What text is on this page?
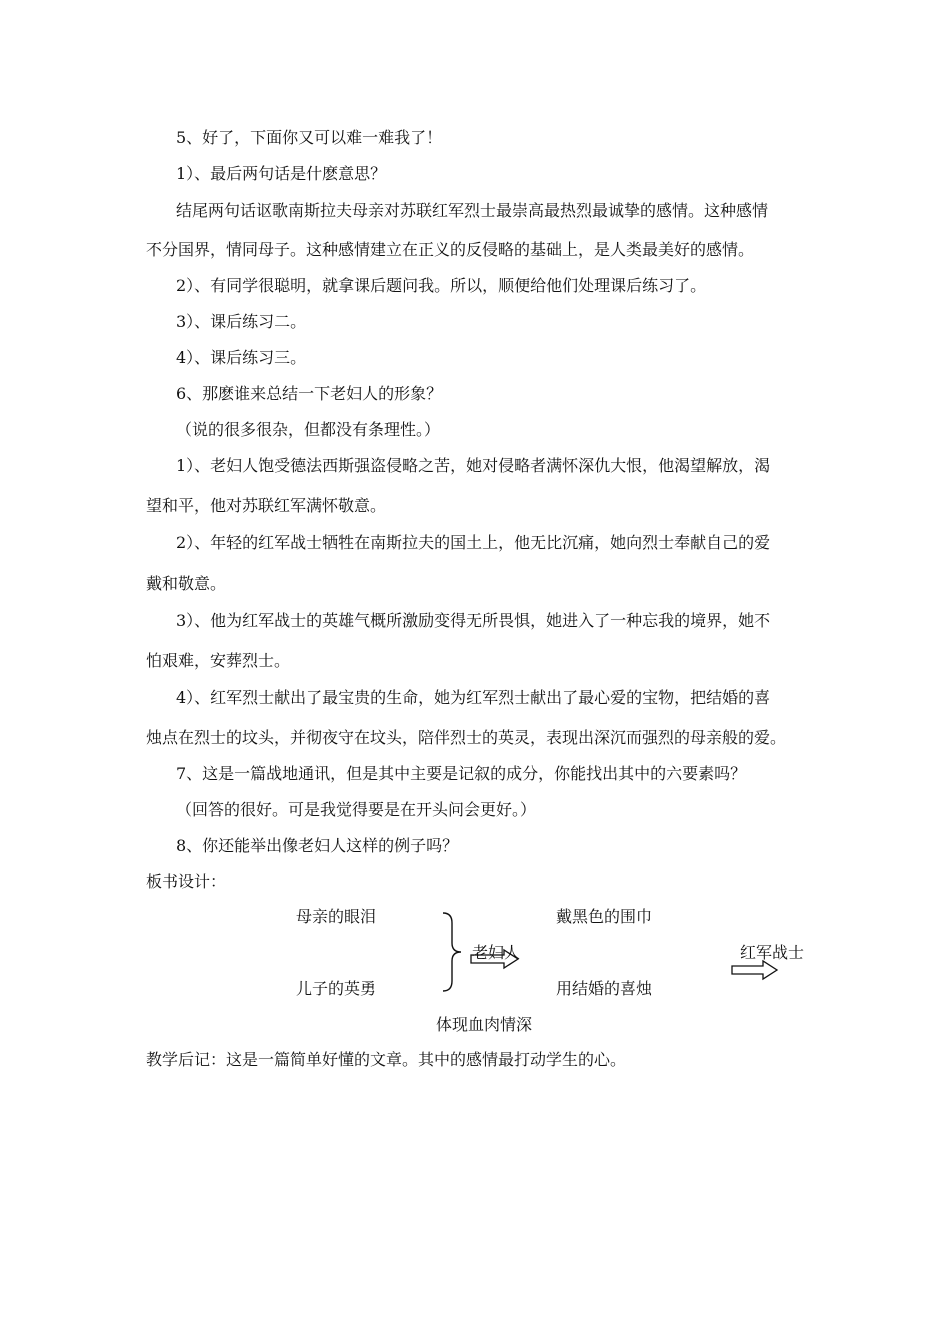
5、好了，下面你又可以难一难我了！
1）、最后两句话是什麽意思？
结尾两句话讴歌南斯拉夫母亲对苏联红军烈士最崇高最热烈最诚挚的感情。这种感情
不分国界，情同母子。这种感情建立在正义的反侵略的基础上，是人类最美好的感情。
2）、有同学很聪明，就拿课后题问我。所以，顺便给他们处理课后练习了。
3）、课后练习二。
4）、课后练习三。
6、那麽谁来总结一下老妇人的形象？
（说的很多很杂，但都没有条理性。）
1）、老妇人饱受德法西斯强盗侵略之苦，她对侵略者满怀深仇大恨，他渴望解放，渴
望和平，他对苏联红军满怀敬意。
2）、年轻的红军战士牺牲在南斯拉夫的国土上，他无比沉痛，她向烈士奉献自己的爱
戴和敬意。
3）、他为红军战士的英雄气概所激励变得无所畏惧，她进入了一种忘我的境界，她不
怕艰难，安葬烈士。
4）、红军烈士献出了最宝贵的生命，她为红军烈士献出了最心爱的宝物，把结婚的喜
烛点在烈士的坟头，并彻夜守在坟头，陪伴烈士的英灵，表现出深沉而强烈的母亲般的爱。
7、这是一篇战地通讯，但是其中主要是记叙的成分，你能找出其中的六要素吗？
（回答的很好。可是我觉得要是在开头问会更好。）
8、你还能举出像老妇人这样的例子吗？
板书设计：
母亲的眼泪
儿子的英勇
老妇人
戴黑色的围巾
用结婚的喜烛
红军战士
体现血肉情深
教学后记：这是一篇简单好懂的文章。其中的感情最打动学生的心。
